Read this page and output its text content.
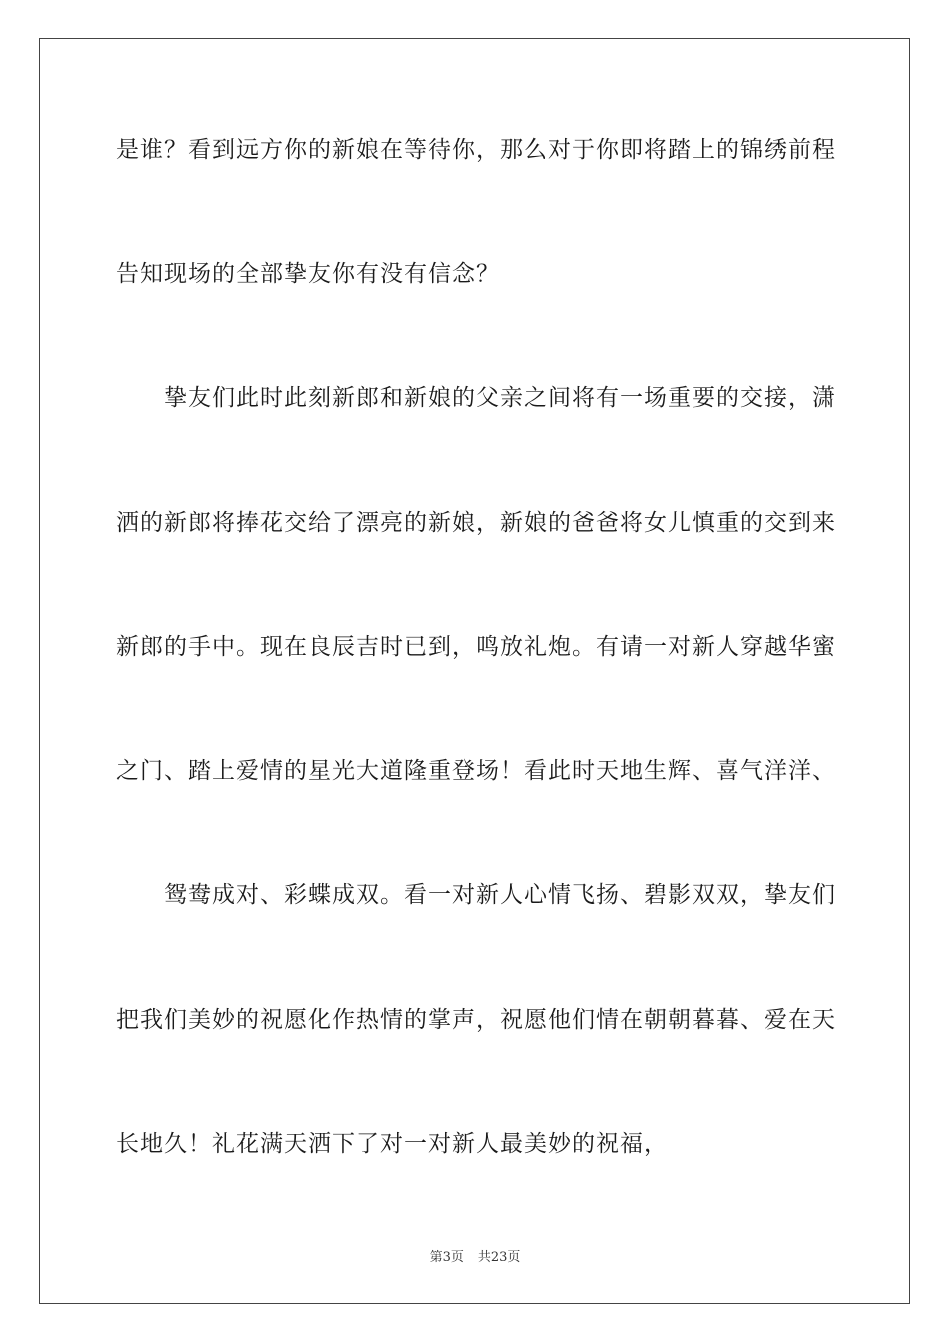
是谁？看到远方你的新娘在等待你，那么对于你即将踏上的锦绣前程
告知现场的全部挚友你有没有信念？
挚友们此时此刻新郎和新娘的父亲之间将有一场重要的交接，潇
洒的新郎将捧花交给了漂亮的新娘，新娘的爸爸将女儿慎重的交到来
新郎的手中。现在良辰吉时已到，鸣放礼炮。有请一对新人穿越华蜜
之门、踏上爱情的星光大道隆重登场！看此时天地生辉、喜气洋洋、
鸳鸯成对、彩蝶成双。看一对新人心情飞扬、碧影双双，挚友们
把我们美妙的祝愿化作热情的掌声，祝愿他们情在朝朝暮暮、爱在天
长地久！礼花满天洒下了对一对新人最美妙的祝福，
第3页 共23页
